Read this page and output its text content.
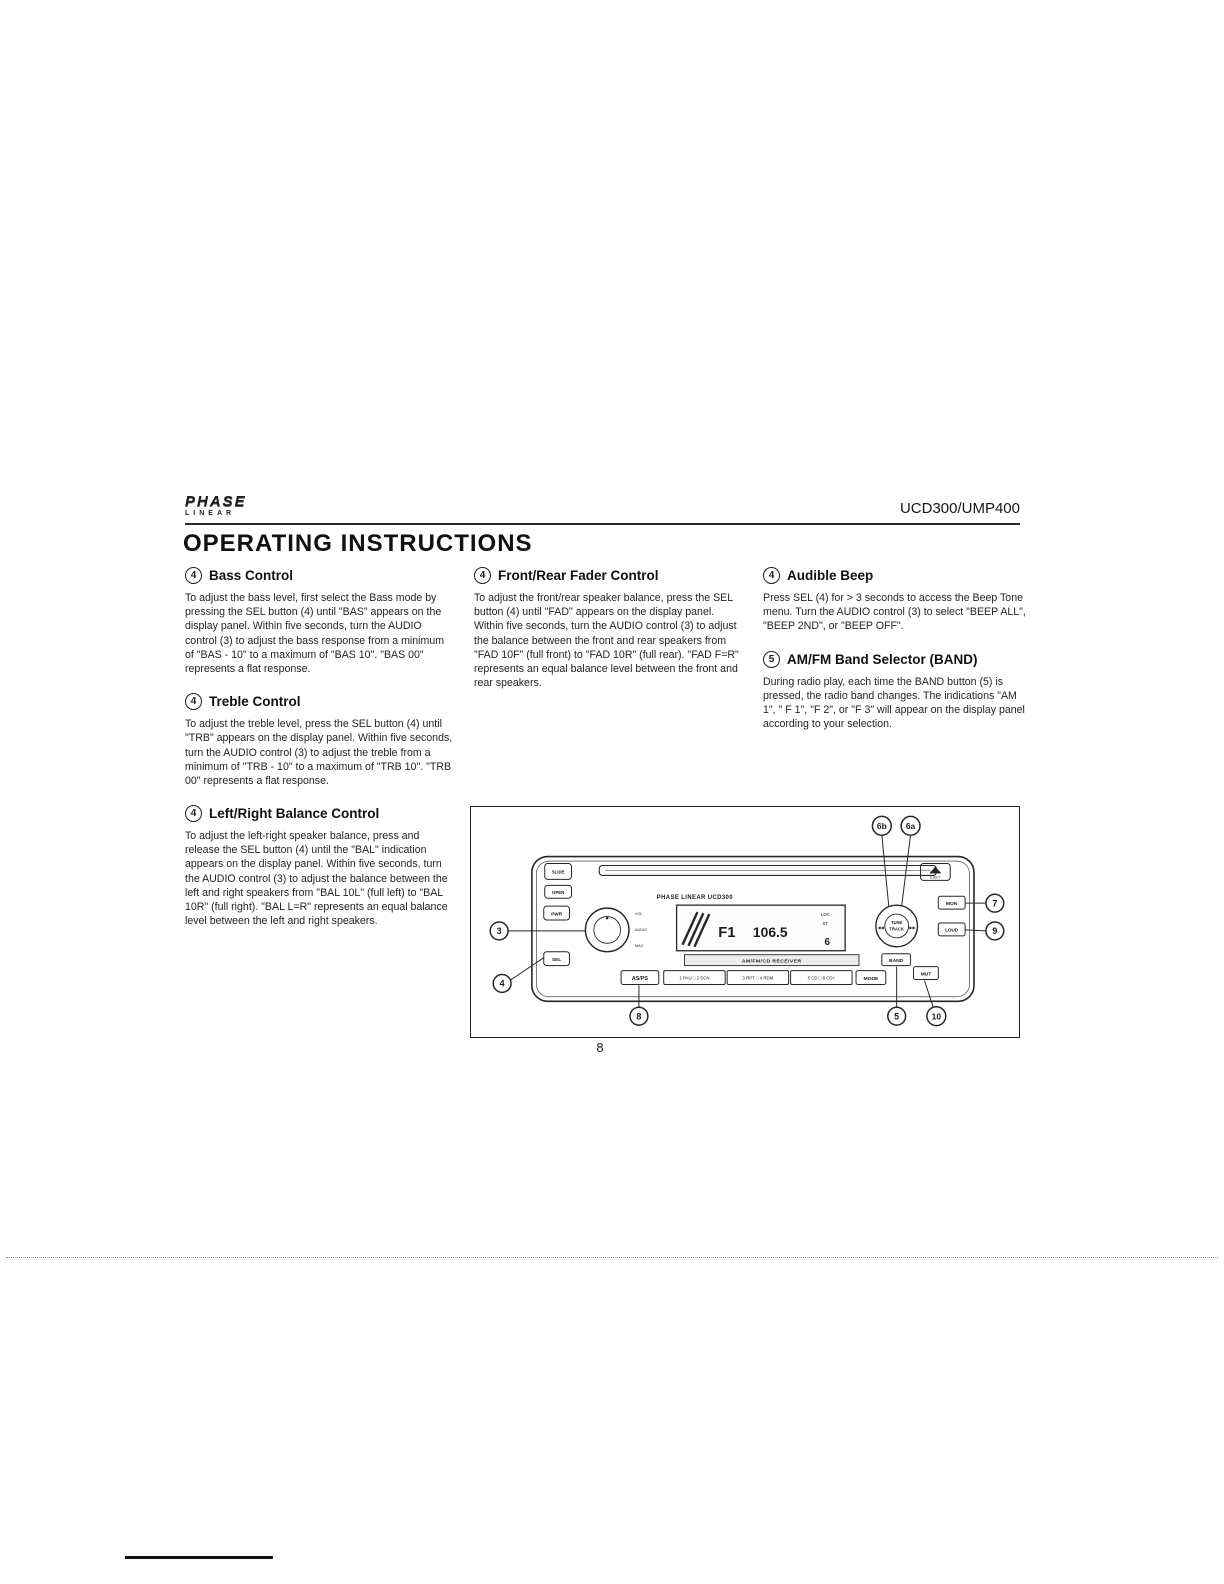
PHASE
LINEAR	UCD300/UMP400
OPERATING INSTRUCTIONS
4 Bass Control

To adjust the bass level, first select the Bass mode by pressing the SEL button (4) until "BAS" appears on the display panel. Within five seconds, turn the AUDIO control (3) to adjust the bass response from a minimum of "BAS - 10" to a maximum of "BAS 10". "BAS 00" represents a flat response.

4 Treble Control

To adjust the treble level, press the SEL button (4) until "TRB" appears on the display panel. Within five seconds, turn the AUDIO control (3) to adjust the treble from a minimum of "TRB - 10" to a maximum of "TRB 10". "TRB 00" represents a flat response.

4 Left/Right Balance Control

To adjust the left-right speaker balance, press and release the SEL button (4) until the "BAL" indication appears on the display panel. Within five seconds, turn the AUDIO control (3) to adjust the balance between the left and right speakers from "BAL 10L" (full left) to "BAL 10R" (full right). "BAL L=R" represents an equal balance level between the left and right speakers.

4 Front/Rear Fader Control

To adjust the front/rear speaker balance, press the SEL button (4) until "FAD" appears on the display panel. Within five seconds, turn the AUDIO control (3) to adjust the balance between the front and rear speakers from "FAD 10F" (full front) to "FAD 10R" (full rear). "FAD F=R" represents an equal balance level between the front and rear speakers.

4 Audible Beep

Press SEL (4) for > 3 seconds to access the Beep Tone menu. Turn the AUDIO control (3) to select "BEEP ALL", "BEEP 2ND", or "BEEP OFF".

5 AM/FM Band Selector (BAND)

During radio play, each time the BAND button (5) is pressed, the radio band changes. The indications "AM 1", " F 1", "F 2", or "F 3" will appear on the display panel according to your selection.

SLIDE
OPEN
PWR
SEL
VOL
AUDIO
MAX
PHASE LINEAR UCD300
F1 106.5
LOC
ST
6
AM/FM/CD RECEIVER
AS/PS	1 PAU □ 2 SCN	3 RPT □ 4 RDM	5 CD □ 6 CD+	MODE
EJECT
MON
LOUD
TUNE
TRACK
◀◀	▶▶
BAND
MUT
3
4
8	5	10
7
9
6b 6a
8
